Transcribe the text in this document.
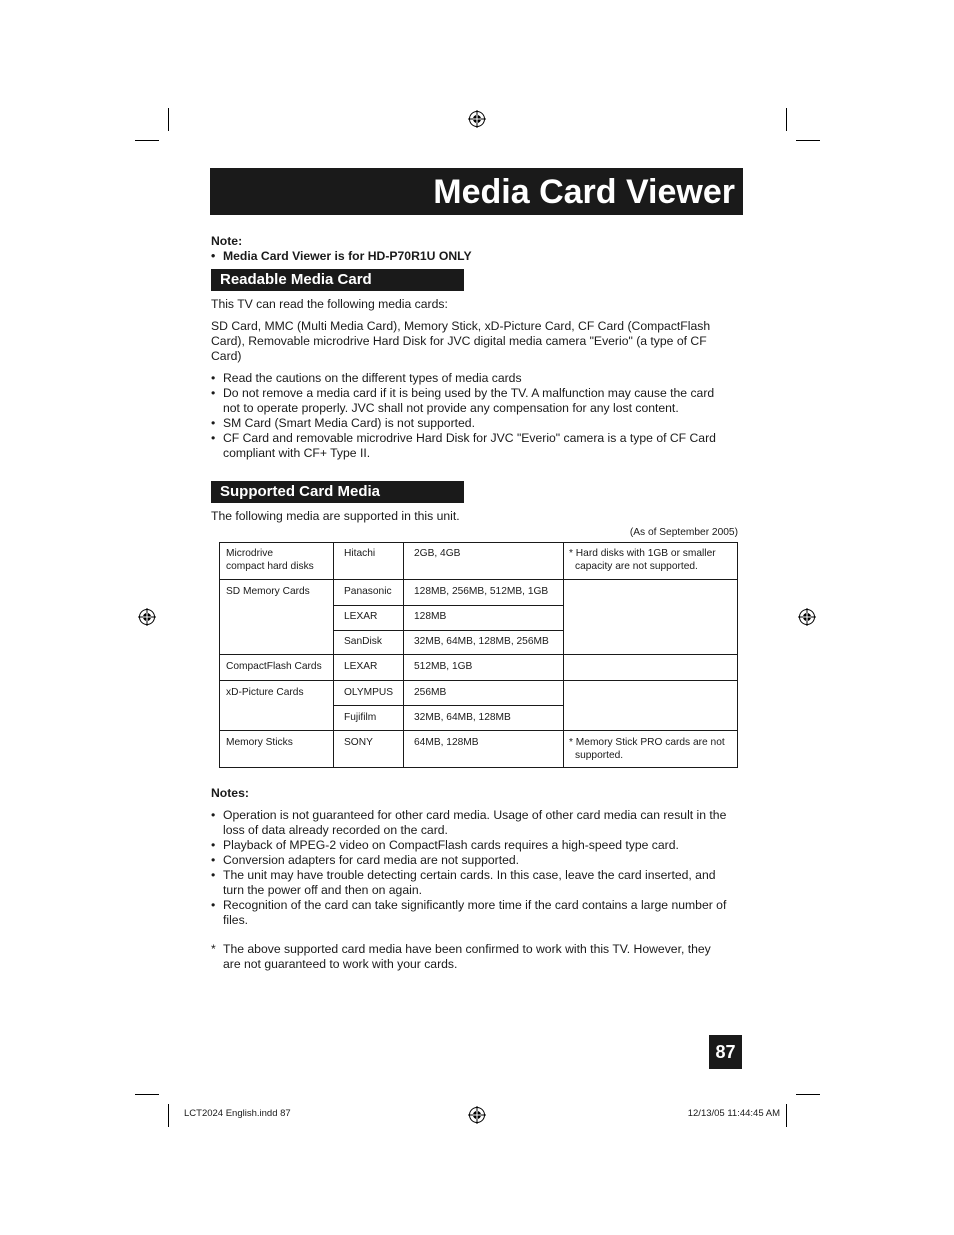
Media Card Viewer
Note:
• Media Card Viewer is for HD-P70R1U ONLY
Readable Media Card
This TV can read the following media cards:
SD Card, MMC (Multi Media Card), Memory Stick, xD-Picture Card, CF Card (CompactFlash
Card), Removable microdrive Hard Disk for JVC digital media camera "Everio" (a type of CF
Card)
• Read the cautions on the different types of media cards
• Do not remove a media card if it is being used by the TV. A malfunction may cause the card
not to operate properly. JVC shall not provide any compensation for any lost content.
• SM Card (Smart Media Card) is not supported.
• CF Card and removable microdrive Hard Disk for JVC "Everio" camera is a type of CF Card
compliant with CF+ Type II.
Supported Card Media
The following media are supported in this unit.
(As of September 2005)
Microdrive
compact hard disks
Hitachi	2GB, 4GB	* Hard disks with 1GB or smaller
capacity are not supported.
SD Memory Cards	Panasonic 128MB, 256MB, 512MB, 1GB
LEXAR	128MB
SanDisk	32MB, 64MB, 128MB, 256MB
CompactFlash Cards LEXAR	512MB, 1GB
xD-Picture Cards	OLYMPUS 256MB
Fujifilm	32MB, 64MB, 128MB
Memory Sticks	SONY	64MB, 128MB	* Memory Stick PRO cards are not
supported.
Notes:
• Operation is not guaranteed for other card media. Usage of other card media can result in the
loss of data already recorded on the card.
• Playback of MPEG-2 video on CompactFlash cards requires a high-speed type card.
• Conversion adapters for card media are not supported.
• The unit may have trouble detecting certain cards. In this case, leave the card inserted, and
turn the power off and then on again.
• Recognition of the card can take significantly more time if the card contains a large number of
files.
* The above supported card media have been confirmed to work with this TV. However, they
are not guaranteed to work with your cards.
87
LCT2024 English.indd 87	12/13/05 11:44:45 AM
